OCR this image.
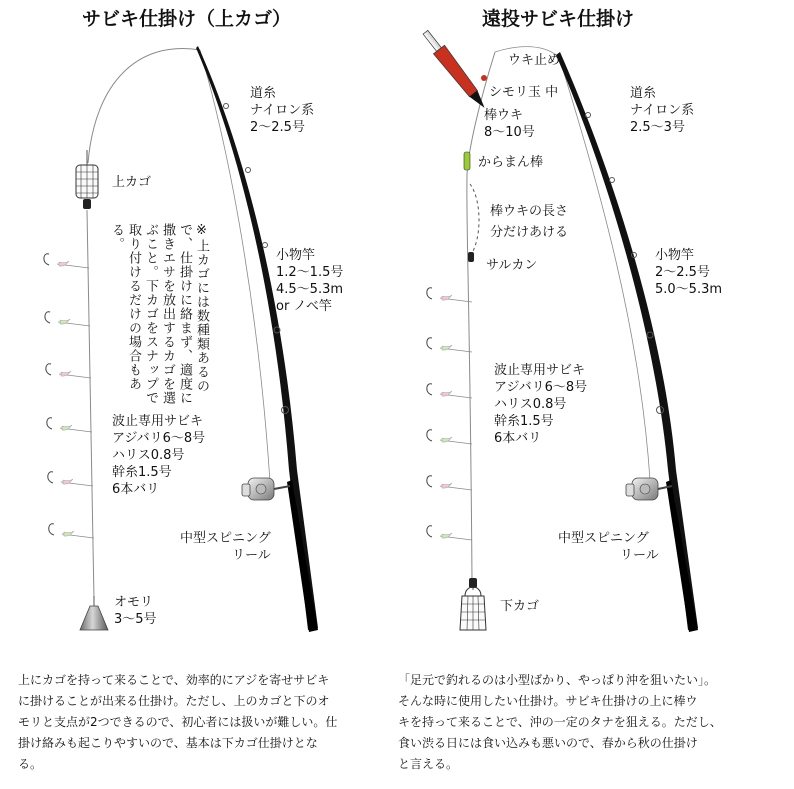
サビキ仕掛け（上カゴ）
道糸
ナイロン系
2〜2.5号
上カゴ
※上カゴには数種類あるので、仕掛けに絡まず、適度に撒きエサを放出するカゴを選ぶこと。下カゴをスナップで取り付けるだけの場合もある。
小物竿
1.2〜1.5号
4.5〜5.3m
or ノベ竿
波止専用サビキ
アジバリ6〜8号
ハリス0.8号
幹糸1.5号
6本バリ
中型スピニング
リール
オモリ
3〜5号
上にカゴを持って来ることで、効率的にアジを寄せサビキ
に掛けることが出来る仕掛け。ただし、上のカゴと下のオ
モリと支点が2つできるので、初心者には扱いが難しい。仕
掛け絡みも起こりやすいので、基本は下カゴ仕掛けとな
る。
遠投サビキ仕掛け
ウキ止め
シモリ玉 中
棒ウキ
8〜10号
道糸
ナイロン系
2.5〜3号
からまん棒
棒ウキの長さ
分だけあける
サルカン
小物竿
2〜2.5号
5.0〜5.3m
波止専用サビキ
アジバリ6〜8号
ハリス0.8号
幹糸1.5号
6本バリ
中型スピニング
リール
下カゴ
「足元で釣れるのは小型ばかり、やっぱり沖を狙いたい」。
そんな時に使用したい仕掛け。サビキ仕掛けの上に棒ウ
キを持って来ることで、沖の一定のタナを狙える。ただし、
食い渋る日には食い込みも悪いので、春から秋の仕掛け
と言える。
